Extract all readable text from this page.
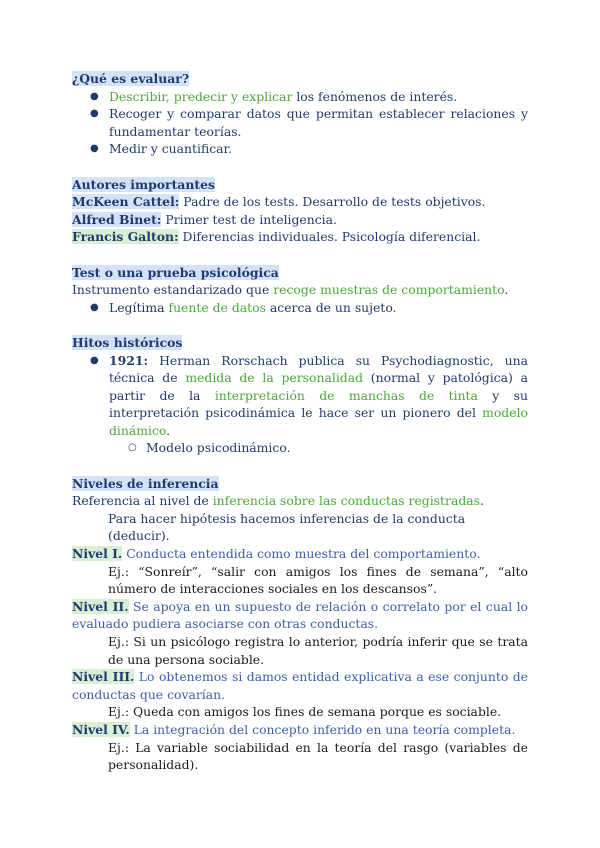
¿Qué es evaluar?
● Describir, predecir y explicar los fenómenos de interés.
● Recoger y comparar datos que permitan establecer relaciones y fundamentar teorías.
● Medir y cuantificar.
Autores importantes
McKeen Cattel: Padre de los tests. Desarrollo de tests objetivos.
Alfred Binet: Primer test de inteligencia.
Francis Galton: Diferencias individuales. Psicología diferencial.
Test o una prueba psicológica
Instrumento estandarizado que recoge muestras de comportamiento.
● Legítima fuente de datos acerca de un sujeto.
Hitos históricos
● 1921: Herman Rorschach publica su Psychodiagnostic, una técnica de medida de la personalidad (normal y patológica) a partir de la interpretación de manchas de tinta y su interpretación psicodinámica le hace ser un pionero del modelo dinámico.
○ Modelo psicodinámico.
Niveles de inferencia
Referencia al nivel de inferencia sobre las conductas registradas.
Para hacer hipótesis hacemos inferencias de la conducta (deducir).
Nivel I. Conducta entendida como muestra del comportamiento.
Ej.: “Sonreír”, “salir con amigos los fines de semana”, “alto número de interacciones sociales en los descansos”.
Nivel II. Se apoya en un supuesto de relación o correlato por el cual lo evaluado pudiera asociarse con otras conductas.
Ej.: Si un psicólogo registra lo anterior, podría inferir que se trata de una persona sociable.
Nivel III. Lo obtenemos si damos entidad explicativa a ese conjunto de conductas que covarían.
Ej.: Queda con amigos los fines de semana porque es sociable.
Nivel IV. La integración del concepto inferido en una teoría completa.
Ej.: La variable sociabilidad en la teoría del rasgo (variables de personalidad).
